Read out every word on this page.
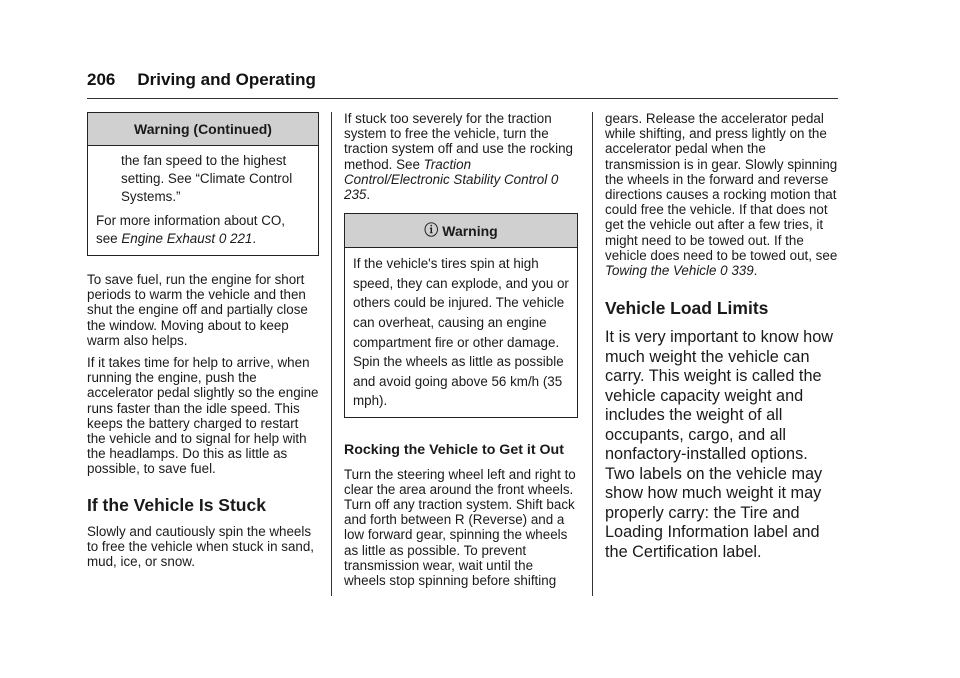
206 Driving and Operating
Warning (Continued)

the fan speed to the highest setting. See “Climate Control Systems.”

For more information about CO, see Engine Exhaust 0 221.

To save fuel, run the engine for short periods to warm the vehicle and then shut the engine off and partially close the window. Moving about to keep warm also helps.

If it takes time for help to arrive, when running the engine, push the accelerator pedal slightly so the engine runs faster than the idle speed. This keeps the battery charged to restart the vehicle and to signal for help with the headlamps. Do this as little as possible, to save fuel.

If the Vehicle Is Stuck

Slowly and cautiously spin the wheels to free the vehicle when stuck in sand, mud, ice, or snow.

If stuck too severely for the traction system to free the vehicle, turn the traction system off and use the rocking method. See Traction Control/Electronic Stability Control 0 235.

ⓘ Warning
If the vehicle's tires spin at high speed, they can explode, and you or others could be injured. The vehicle can overheat, causing an engine compartment fire or other damage. Spin the wheels as little as possible and avoid going above 56 km/h (35 mph).
Rocking the Vehicle to Get it Out

Turn the steering wheel left and right to clear the area around the front wheels. Turn off any traction system. Shift back and forth between R (Reverse) and a low forward gear, spinning the wheels as little as possible. To prevent transmission wear, wait until the wheels stop spinning before shifting

gears. Release the accelerator pedal while shifting, and press lightly on the accelerator pedal when the transmission is in gear. Slowly spinning the wheels in the forward and reverse directions causes a rocking motion that could free the vehicle. If that does not get the vehicle out after a few tries, it might need to be towed out. If the vehicle does need to be towed out, see Towing the Vehicle 0 339.

Vehicle Load Limits

It is very important to know how much weight the vehicle can carry. This weight is called the vehicle capacity weight and includes the weight of all occupants, cargo, and all nonfactory-installed options. Two labels on the vehicle may show how much weight it may properly carry: the Tire and Loading Information label and the Certification label.
